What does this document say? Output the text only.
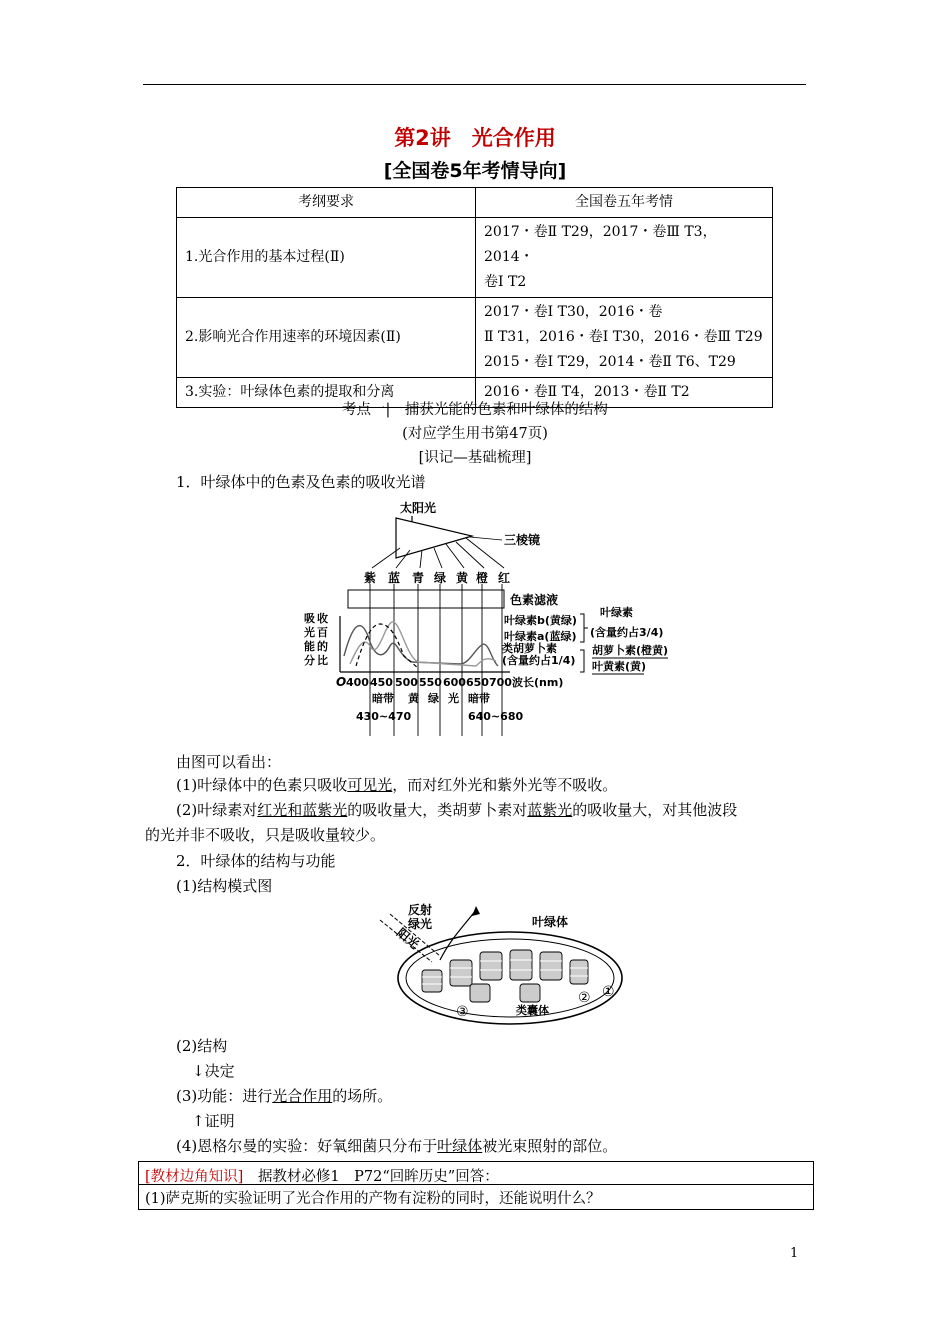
第2讲　光合作用
[全国卷5年考情导向]
考纲要求	全国卷五年考情
1.光合作用的基本过程(Ⅱ)	2017・卷Ⅱ T29，2017・卷Ⅲ T3，2014・
卷Ⅰ T2

2.影响光合作用速率的环境因素(Ⅱ)	2017・卷Ⅰ T30，2016・卷
Ⅱ T31，2016・卷Ⅰ T30，2016・卷Ⅲ T29
2015・卷Ⅰ T29，2014・卷Ⅱ T6、T29

3.实验：叶绿体色素的提取和分离	2016・卷Ⅱ T4，2013・卷Ⅱ T2
考点一|　捕获光能的色素和叶绿体的结构
(对应学生用书第47页)
[识记—基础梳理]
1．叶绿体中的色素及色素的吸收光谱
太阳光
三棱镜
紫 蓝 青 绿 黄 橙 红
色素滤液
吸 收
光
能 的
百
分 比
O 400 450 500 550 600 650 700 波长(nm)
叶绿素b(黄绿)
叶绿素a(蓝绿)
类胡萝卜素
(含量约占1/4)
叶绿素
(含量约占3/4)
胡萝卜素(橙黄)
叶黄素(黄)
暗带
430~470
黄 绿 光 暗带
640~680
由图可以看出：
(1)叶绿体中的色素只吸收可见光，而对红外光和紫外光等不吸收。
(2)叶绿素对红光和蓝紫光的吸收量大，类胡萝卜素对蓝紫光的吸收量大，对其他波段
的光并非不吸收，只是吸收量较少。
2．叶绿体的结构与功能
(1)结构模式图
阳光
反射
绿光	叶绿体
③	类囊体
② ①
(2)结构
↓决定
(3)功能：进行光合作用的场所。
↑证明
(4)恩格尔曼的实验：好氧细菌只分布于叶绿体被光束照射的部位。
[教材边角知识] 据教材必修1　P72“回眸历史”回答：
(1)萨克斯的实验证明了光合作用的产物有淀粉的同时，还能说明什么？
1
